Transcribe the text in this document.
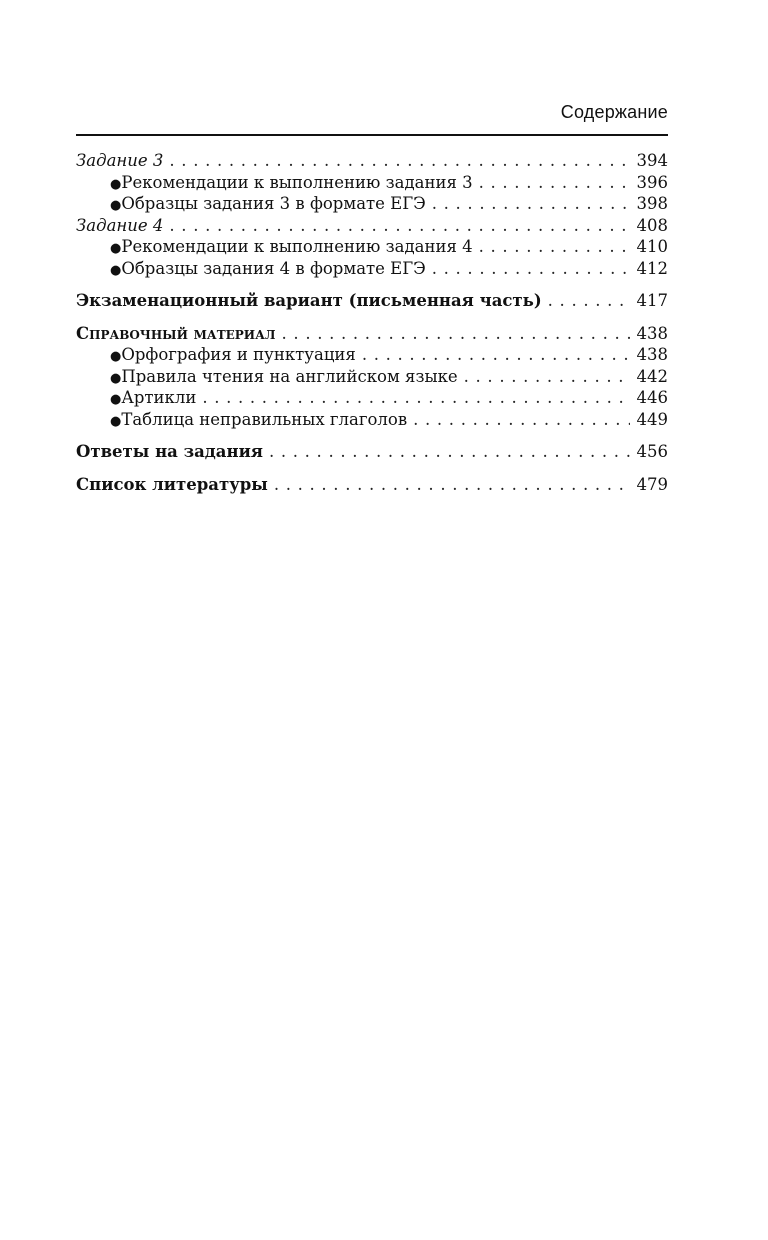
Содержание
Задание 3 . . .	394
● Рекомендации к выполнению задания 3 . . .	396
● Образцы задания 3 в формате ЕГЭ . . .	398
Задание 4 . . .	408
● Рекомендации к выполнению задания 4 . . .	410
● Образцы задания 4 в формате ЕГЭ . . .	412
Экзаменационный вариант (письменная часть) . . .	417
Справочный материал . . .	438
● Орфография и пунктуация . . .	438
● Правила чтения на английском языке . . .	442
● Артикли . . .	446
● Таблица неправильных глаголов . . .	449
Ответы на задания . . .	456
Список литературы . . .	479
